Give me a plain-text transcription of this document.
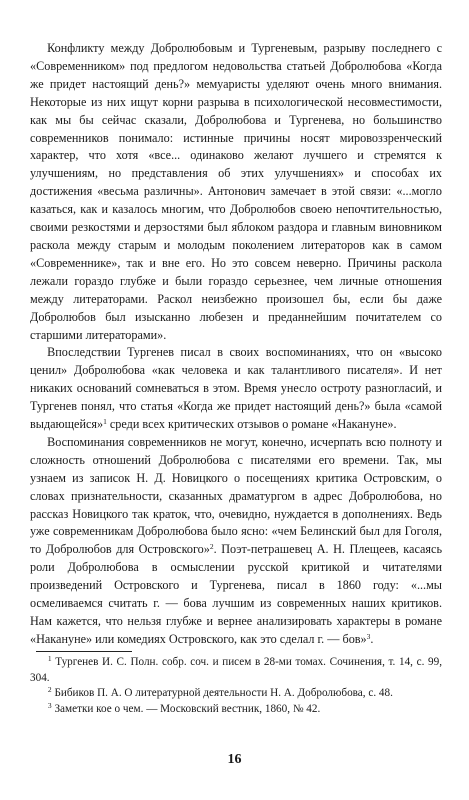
Конфликту между Добролюбовым и Тургеневым, разрыву последнего с «Современником» под предлогом недовольства статьей Добролюбова «Когда же придет настоящий день?» мемуаристы уделяют очень много внимания. Некоторые из них ищут корни разрыва в психологической несовместимости, как мы бы сейчас сказали, Добролюбова и Тургенева, но большинство современников понимало: истинные причины носят мировоззренческий характер, что хотя «все... одинаково желают лучшего и стремятся к улучшениям, но представления об этих улучшениях» и способах их достижения «весьма различны». Антонович замечает в этой связи: «...могло казаться, как и казалось многим, что Добролюбов своею непочтительностью, своими резкостями и дерзостями был яблоком раздора и главным виновником раскола между старым и молодым поколением литераторов как в самом «Современнике», так и вне его. Но это совсем неверно. Причины раскола лежали гораздо глубже и были гораздо серьезнее, чем личные отношения между литераторами. Раскол неизбежно произошел бы, если бы даже Добролюбов был изысканно любезен и преданнейшим почитателем со старшими литераторами».

Впоследствии Тургенев писал в своих воспоминаниях, что он «высоко ценил» Добролюбова «как человека и как талантливого писателя». И нет никаких оснований сомневаться в этом. Время унесло остроту разногласий, и Тургенев понял, что статья «Когда же придет настоящий день?» была «самой выдающейся»$^1$ среди всех критических отзывов о романе «Накануне».

Воспоминания современников не могут, конечно, исчерпать всю полноту и сложность отношений Добролюбова с писателями его времени. Так, мы узнаем из записок Н. Д. Новицкого о посещениях критика Островским, о словах признательности, сказанных драматургом в адрес Добролюбова, но рассказ Новицкого так краток, что, очевидно, нуждается в дополнениях. Ведь уже современникам Добролюбова было ясно: «чем Белинский был для Гоголя, то Добролюбов для Островского»$^2$. Поэт-петрашевец А. Н. Плещеев, касаясь роли Добролюбова в осмыслении русской критикой и читателями произведений Островского и Тургенева, писал в 1860 году: «...мы осмеливаемся считать г. — бова лучшим из современных наших критиков. Нам кажется, что нельзя глубже и вернее анализировать характеры в романе «Накануне» или комедиях Островского, как это сделал г. — бов»$^3$.

$^1$ Тургенев И. С. Полн. собр. соч. и писем в 28-ми томах. Сочинения, т. 14, с. 99, 304.

$^2$ Бибиков П. А. О литературной деятельности Н. А. Добролюбова, с. 48.

$^3$ Заметки кое о чем. — Московский вестник, 1860, № 42.

16
